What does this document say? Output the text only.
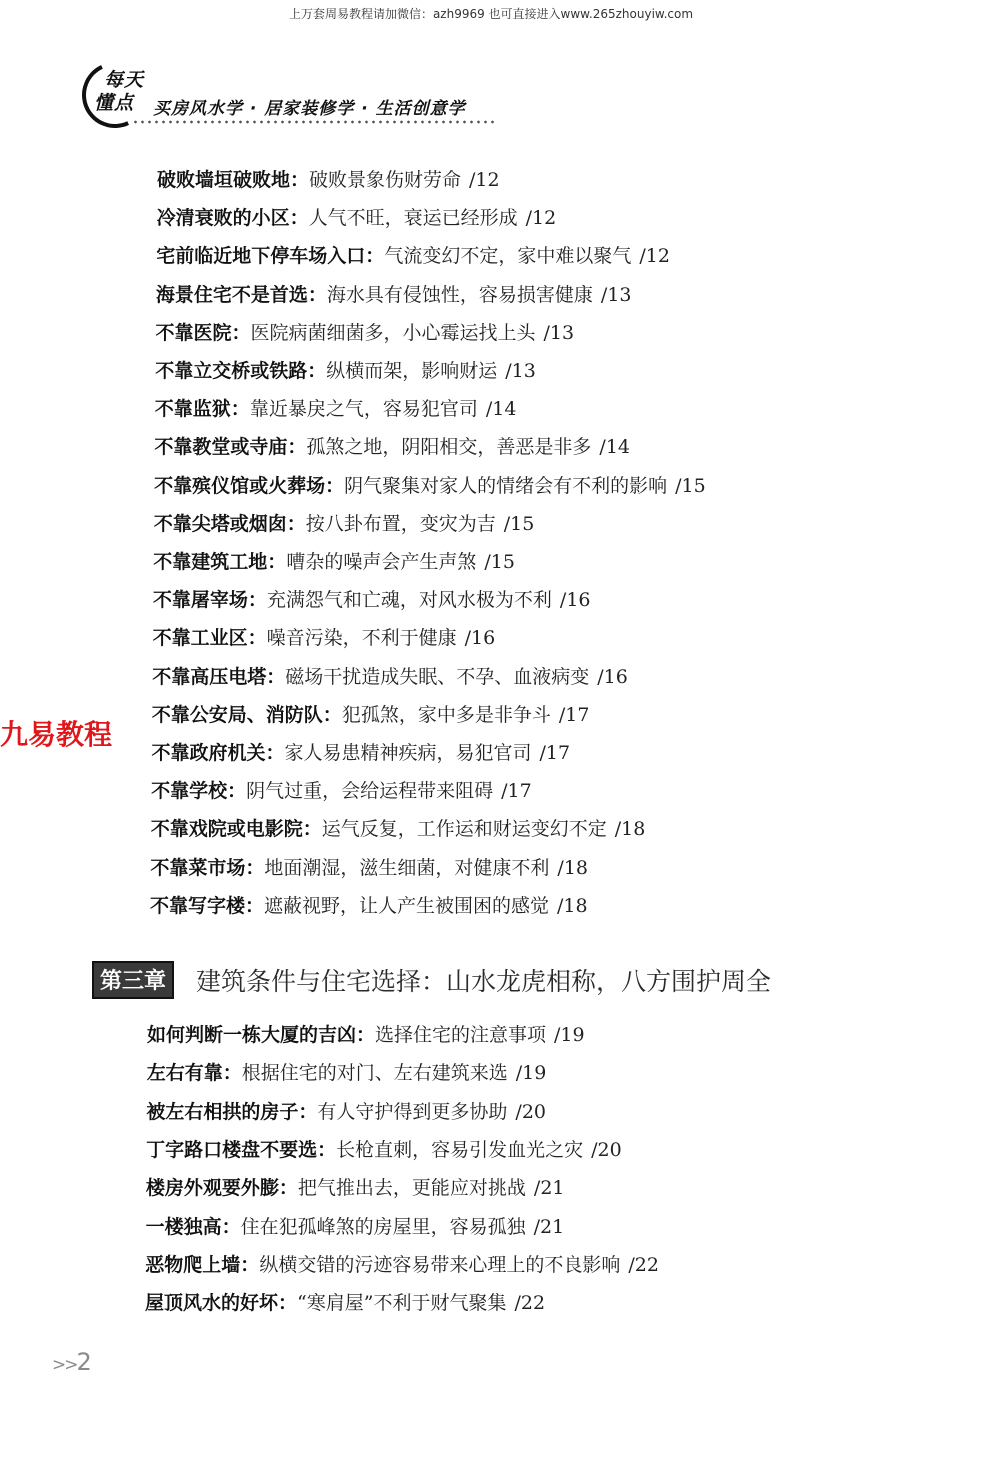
上万套周易教程请加微信：azh9969 也可直接进入www.265zhouyiw.com
每天
懂点 买房风水学 · 居家装修学 · 生活创意学
破败墙垣破败地：破败景象伤财劳命 /12
冷清衰败的小区：人气不旺，衰运已经形成 /12
宅前临近地下停车场入口：气流变幻不定，家中难以聚气 /12
海景住宅不是首选：海水具有侵蚀性，容易损害健康 /13
不靠医院：医院病菌细菌多，小心霉运找上头 /13
不靠立交桥或铁路：纵横而架，影响财运 /13
不靠监狱：靠近暴戾之气，容易犯官司 /14
不靠教堂或寺庙：孤煞之地，阴阳相交，善恶是非多 /14
不靠殡仪馆或火葬场：阴气聚集对家人的情绪会有不利的影响 /15
不靠尖塔或烟囱：按八卦布置，变灾为吉 /15
不靠建筑工地：嘈杂的噪声会产生声煞 /15
不靠屠宰场：充满怨气和亡魂，对风水极为不利 /16
不靠工业区：噪音污染，不利于健康 /16
不靠高压电塔：磁场干扰造成失眠、不孕、血液病变 /16
不靠公安局、消防队：犯孤煞，家中多是非争斗 /17
不靠政府机关：家人易患精神疾病，易犯官司 /17
不靠学校：阴气过重，会给运程带来阻碍 /17
不靠戏院或电影院：运气反复，工作运和财运变幻不定 /18
不靠菜市场：地面潮湿，滋生细菌，对健康不利 /18
不靠写字楼：遮蔽视野，让人产生被围困的感觉 /18
九易教程
第三章 建筑条件与住宅选择：山水龙虎相称，八方围护周全
如何判断一栋大厦的吉凶：选择住宅的注意事项 /19
左右有靠：根据住宅的对门、左右建筑来选 /19
被左右相拱的房子：有人守护得到更多协助 /20
丁字路口楼盘不要选：长枪直刺，容易引发血光之灾 /20
楼房外观要外膨：把气推出去，更能应对挑战 /21
一楼独高：住在犯孤峰煞的房屋里，容易孤独 /21
恶物爬上墙：纵横交错的污迹容易带来心理上的不良影响 /22
屋顶风水的好坏：“寒肩屋”不利于财气聚集 /22
>>2
